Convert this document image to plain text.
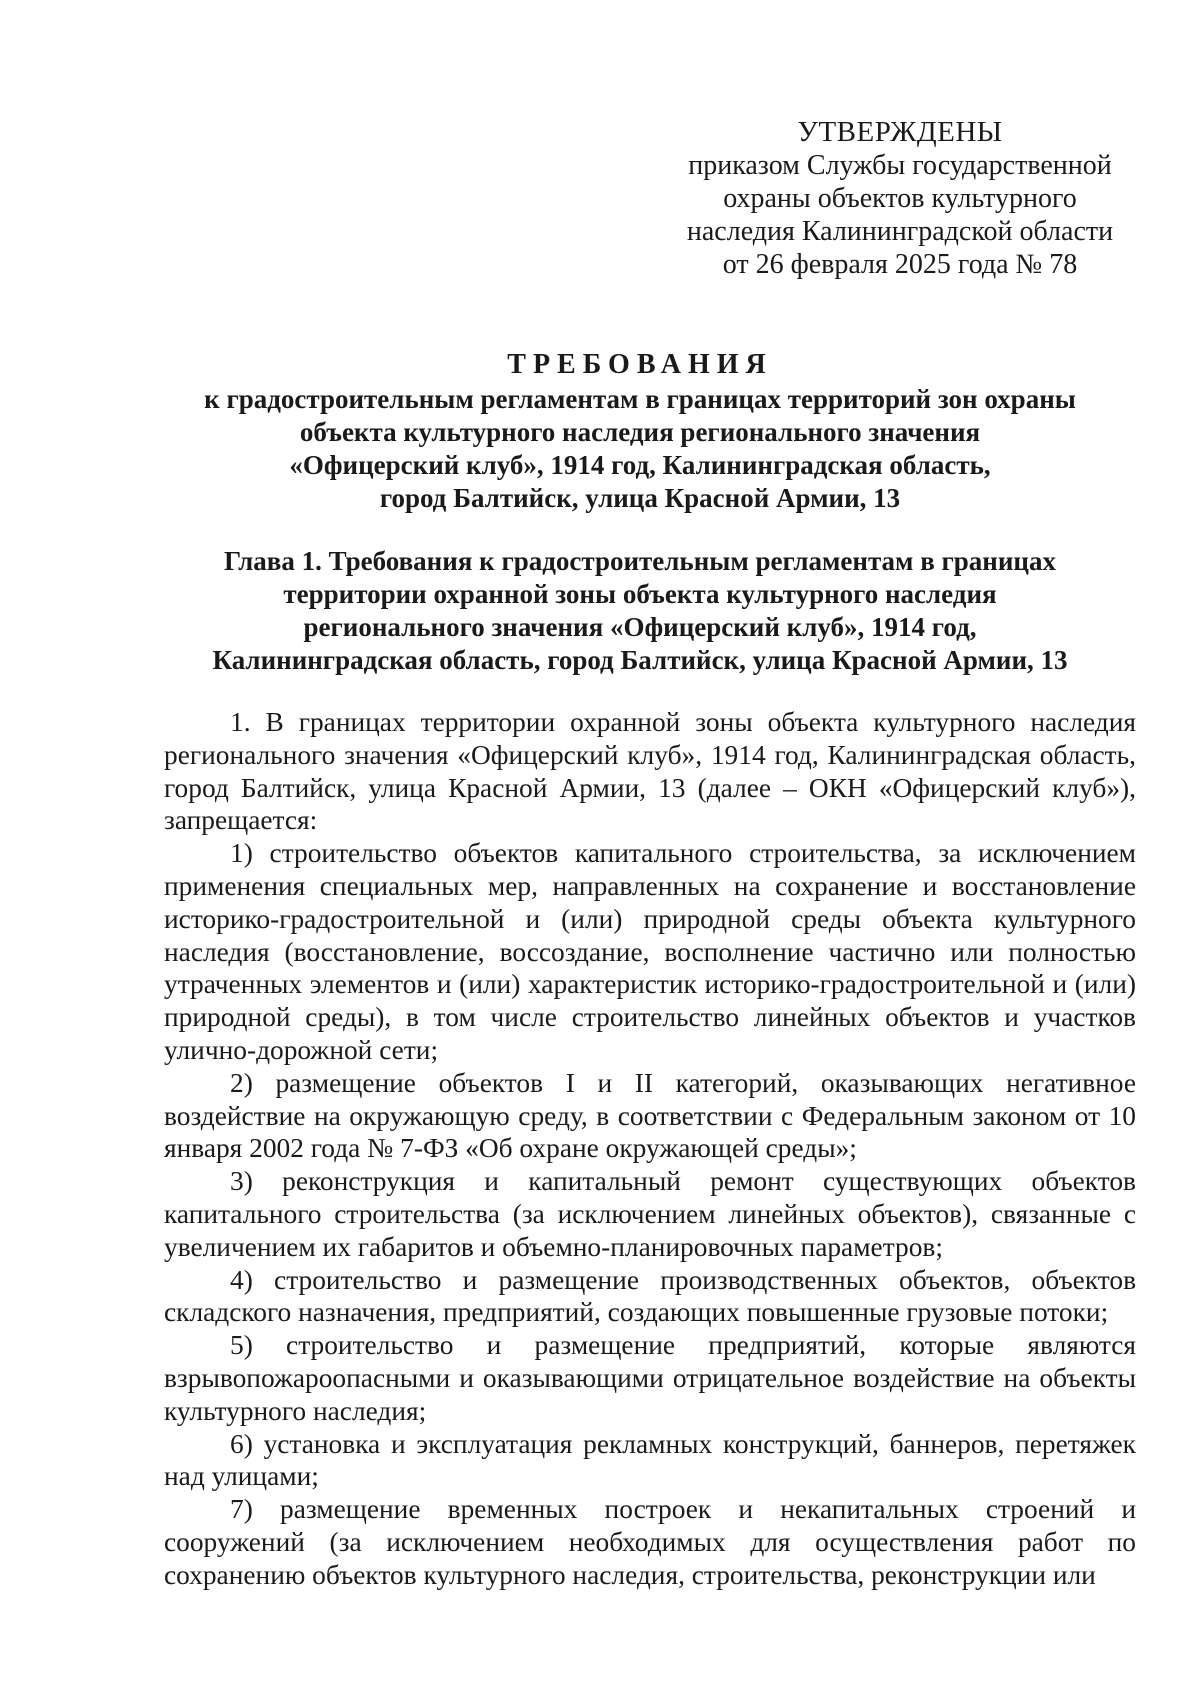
УТВЕРЖДЕНЫ
приказом Службы государственной
охраны объектов культурного
наследия Калининградской области
от 26 февраля 2025 года № 78
ТРЕБОВАНИЯ
к градостроительным регламентам в границах территорий зон охраны
объекта культурного наследия регионального значения
«Офицерский клуб», 1914 год, Калининградская область,
город Балтийск, улица Красной Армии, 13
Глава 1. Требования к градостроительным регламентам в границах
территории охранной зоны объекта культурного наследия
регионального значения «Офицерский клуб», 1914 год,
Калининградская область, город Балтийск, улица Красной Армии, 13

1. В границах территории охранной зоны объекта культурного наследия регионального значения «Офицерский клуб», 1914 год, Калининградская область, город Балтийск, улица Красной Армии, 13 (далее – ОКН «Офицерский клуб»), запрещается:

1) строительство объектов капитального строительства, за исключением применения специальных мер, направленных на сохранение и восстановление историко-градостроительной и (или) природной среды объекта культурного наследия (восстановление, воссоздание, восполнение частично или полностью утраченных элементов и (или) характеристик историко-градостроительной и (или) природной среды), в том числе строительство линейных объектов и участков улично-дорожной сети;

2) размещение объектов I и II категорий, оказывающих негативное воздействие на окружающую среду, в соответствии с Федеральным законом от 10 января 2002 года № 7-ФЗ «Об охране окружающей среды»;

3) реконструкция и капитальный ремонт существующих объектов капитального строительства (за исключением линейных объектов), связанные с увеличением их габаритов и объемно-планировочных параметров;

4) строительство и размещение производственных объектов, объектов складского назначения, предприятий, создающих повышенные грузовые потоки;

5) строительство и размещение предприятий, которые являются взрывопожароопасными и оказывающими отрицательное воздействие на объекты культурного наследия;

6) установка и эксплуатация рекламных конструкций, баннеров, перетяжек над улицами;

7) размещение временных построек и некапитальных строений и сооружений (за исключением необходимых для осуществления работ по сохранению объектов культурного наследия, строительства, реконструкции или
